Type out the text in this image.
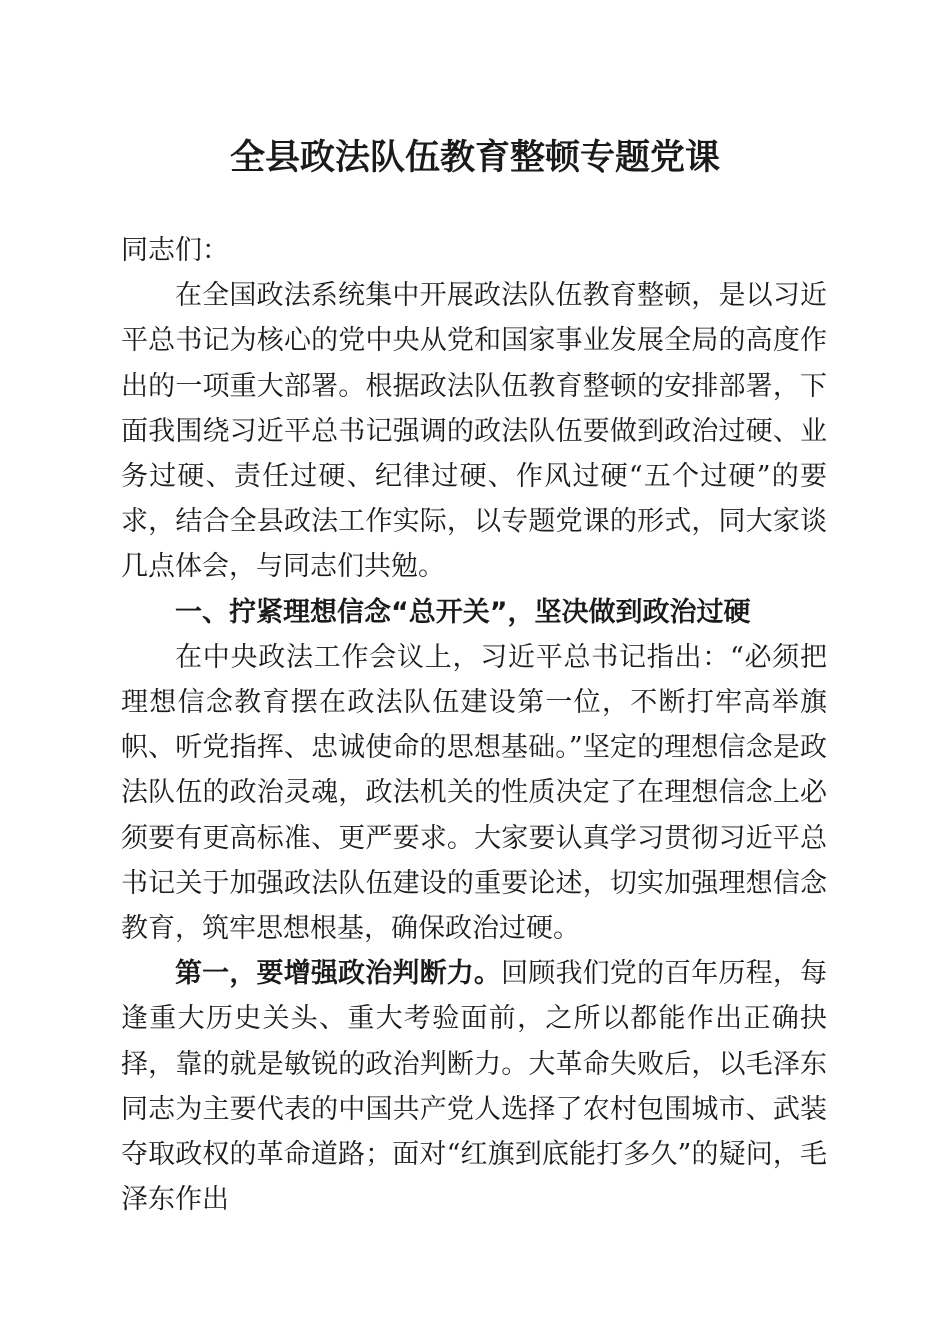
全县政法队伍教育整顿专题党课

同志们：

在全国政法系统集中开展政法队伍教育整顿，是以习近平总书记为核心的党中央从党和国家事业发展全局的高度作出的一项重大部署。根据政法队伍教育整顿的安排部署，下面我围绕习近平总书记强调的政法队伍要做到政治过硬、业务过硬、责任过硬、纪律过硬、作风过硬“五个过硬”的要求，结合全县政法工作实际，以专题党课的形式，同大家谈几点体会，与同志们共勉。

一、拧紧理想信念“总开关”，坚决做到政治过硬

在中央政法工作会议上，习近平总书记指出：“必须把理想信念教育摆在政法队伍建设第一位，不断打牢高举旗帜、听党指挥、忠诚使命的思想基础。”坚定的理想信念是政法队伍的政治灵魂，政法机关的性质决定了在理想信念上必须要有更高标准、更严要求。大家要认真学习贯彻习近平总书记关于加强政法队伍建设的重要论述，切实加强理想信念教育，筑牢思想根基，确保政治过硬。

第一，要增强政治判断力。回顾我们党的百年历程，每逢重大历史关头、重大考验面前，之所以都能作出正确抉择，靠的就是敏锐的政治判断力。大革命失败后，以毛泽东同志为主要代表的中国共产党人选择了农村包围城市、武装夺取政权的革命道路；面对“红旗到底能打多久”的疑问，毛泽东作出
